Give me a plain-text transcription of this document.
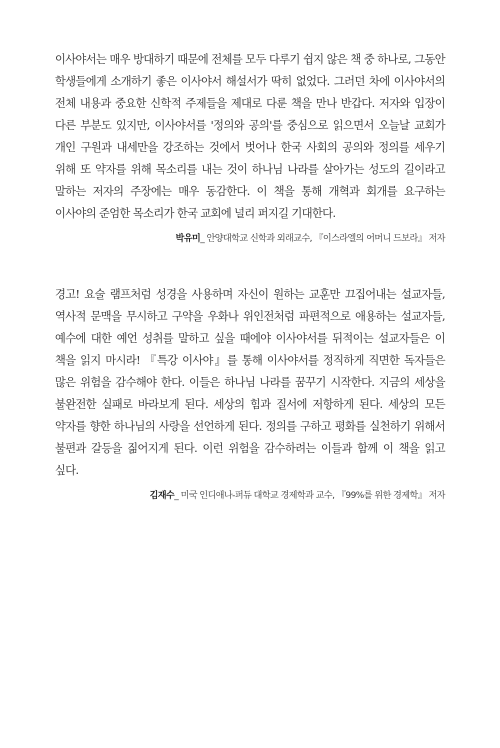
이사야서는 매우 방대하기 때문에 전체를 모두 다루기 쉽지 않은 책 중 하나로, 그동안 학생들에게 소개하기 좋은 이사야서 해설서가 딱히 없었다. 그러던 차에 이사야서의 전체 내용과 중요한 신학적 주제들을 제대로 다룬 책을 만나 반갑다. 저자와 입장이 다른 부분도 있지만, 이사야서를 '정의와 공의'를 중심으로 읽으면서 오늘날 교회가 개인 구원과 내세만을 강조하는 것에서 벗어나 한국 사회의 공의와 정의를 세우기 위해 또 약자를 위해 목소리를 내는 것이 하나님 나라를 살아가는 성도의 길이라고 말하는 저자의 주장에는 매우 동감한다. 이 책을 통해 개혁과 회개를 요구하는 이사야의 준엄한 목소리가 한국 교회에 널리 퍼지길 기대한다.

박유미_ 안양대학교 신학과 외래교수, 『이스라엘의 어머니 드보라』 저자

경고! 요술 램프처럼 성경을 사용하며 자신이 원하는 교훈만 끄집어내는 설교자들, 역사적 문맥을 무시하고 구약을 우화나 위인전처럼 파편적으로 애용하는 설교자들, 예수에 대한 예언 성취를 말하고 싶을 때에야 이사야서를 뒤적이는 설교자들은 이 책을 읽지 마시라! 『특강 이사야』를 통해 이사야서를 정직하게 직면한 독자들은 많은 위험을 감수해야 한다. 이들은 하나님 나라를 꿈꾸기 시작한다. 지금의 세상을 불완전한 실패로 바라보게 된다. 세상의 힘과 질서에 저항하게 된다. 세상의 모든 약자를 향한 하나님의 사랑을 선언하게 된다. 정의를 구하고 평화를 실천하기 위해서 불편과 갈등을 짊어지게 된다. 이런 위험을 감수하려는 이들과 함께 이 책을 읽고 싶다.

김재수_ 미국 인디애나-퍼듀 대학교 경제학과 교수, 『99%를 위한 경제학』 저자
